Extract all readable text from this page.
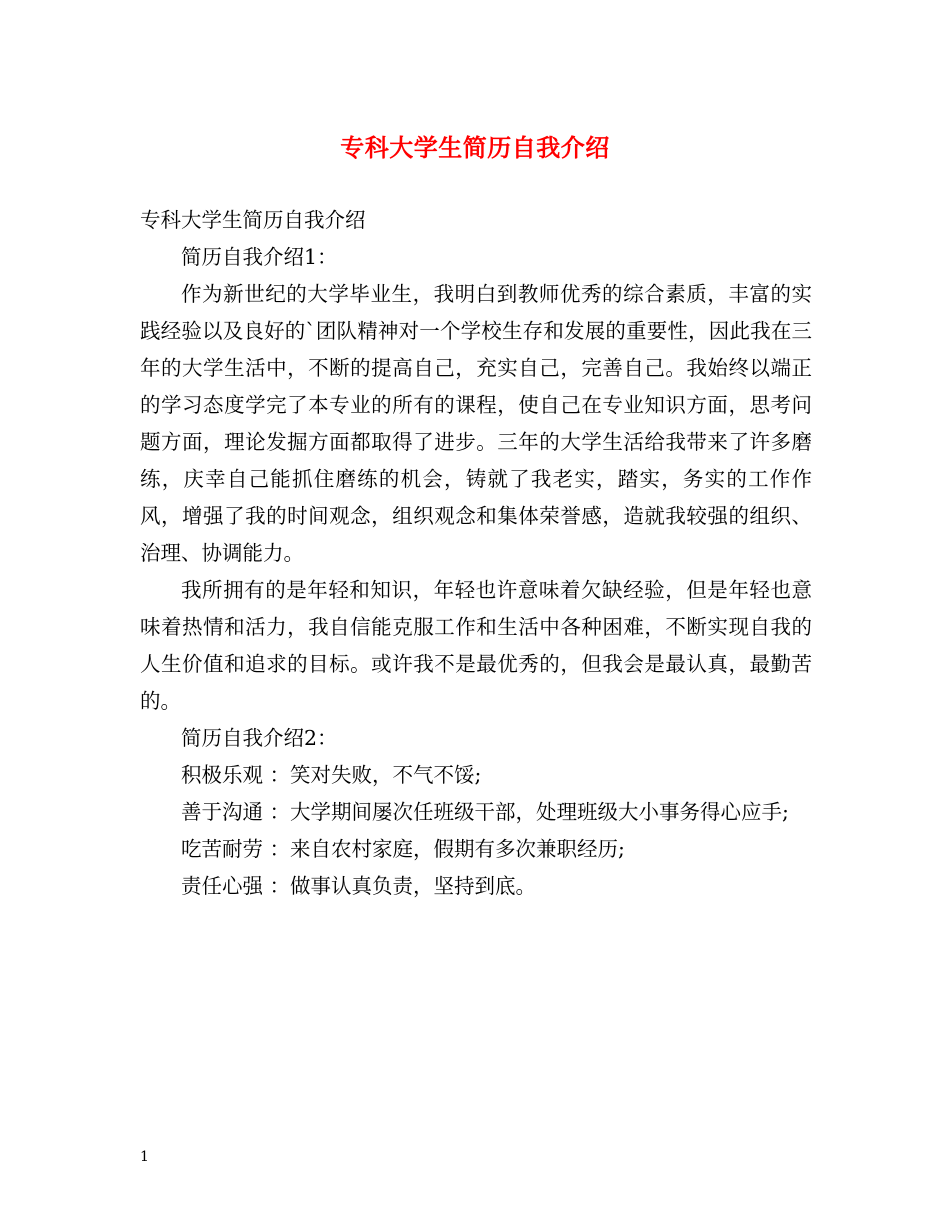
专科大学生简历自我介绍

专科大学生简历自我介绍

简历自我介绍1：

作为新世纪的大学毕业生，我明白到教师优秀的综合素质，丰富的实践经验以及良好的`团队精神对一个学校生存和发展的重要性，因此我在三年的大学生活中，不断的提高自己，充实自己，完善自己。我始终以端正的学习态度学完了本专业的所有的课程，使自己在专业知识方面，思考问题方面，理论发掘方面都取得了进步。三年的大学生活给我带来了许多磨练，庆幸自己能抓住磨练的机会，铸就了我老实，踏实，务实的工作作风，增强了我的时间观念，组织观念和集体荣誉感，造就我较强的组织、治理、协调能力。

我所拥有的是年轻和知识，年轻也许意味着欠缺经验，但是年轻也意味着热情和活力，我自信能克服工作和生活中各种困难，不断实现自我的人生价值和追求的目标。或许我不是最优秀的，但我会是最认真，最勤苦的。

简历自我介绍2：

积极乐观 ：笑对失败，不气不馁;

善于沟通 ：大学期间屡次任班级干部，处理班级大小事务得心应手;

吃苦耐劳 ：来自农村家庭，假期有多次兼职经历;

责任心强 ：做事认真负责，坚持到底。

1
